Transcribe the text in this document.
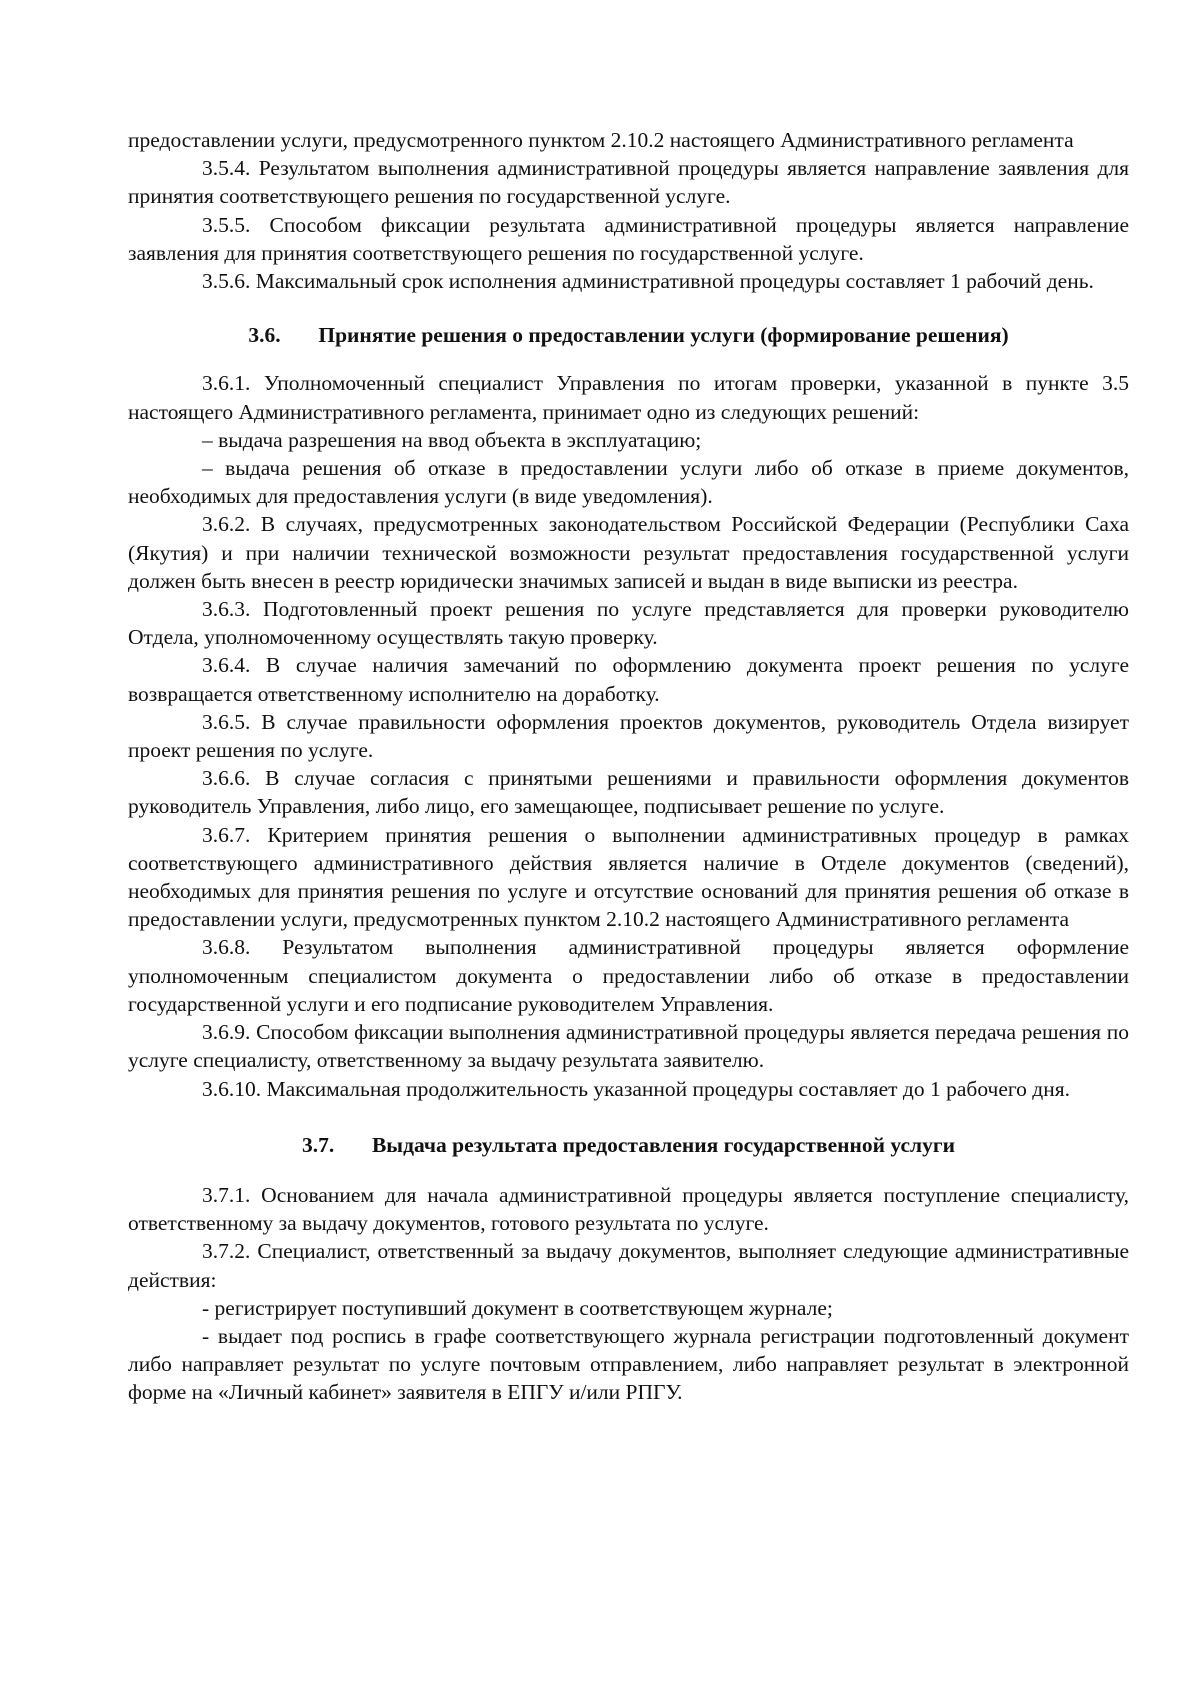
предоставлении услуги, предусмотренного пунктом 2.10.2 настоящего Административного регламента

3.5.4. Результатом выполнения административной процедуры является направление заявления для принятия соответствующего решения по государственной услуге.

3.5.5. Способом фиксации результата административной процедуры является направление заявления для принятия соответствующего решения по государственной услуге.

3.5.6. Максимальный срок исполнения административной процедуры составляет 1 рабочий день.

3.6. Принятие решения о предоставлении услуги (формирование решения)

3.6.1. Уполномоченный специалист Управления по итогам проверки, указанной в пункте 3.5 настоящего Административного регламента, принимает одно из следующих решений:

– выдача разрешения на ввод объекта в эксплуатацию;

– выдача решения об отказе в предоставлении услуги либо об отказе в приеме документов, необходимых для предоставления услуги (в виде уведомления).

3.6.2. В случаях, предусмотренных законодательством Российской Федерации (Республики Саха (Якутия) и при наличии технической возможности результат предоставления государственной услуги должен быть внесен в реестр юридически значимых записей и выдан в виде выписки из реестра.

3.6.3. Подготовленный проект решения по услуге представляется для проверки руководителю Отдела, уполномоченному осуществлять такую проверку.

3.6.4. В случае наличия замечаний по оформлению документа проект решения по услуге возвращается ответственному исполнителю на доработку.

3.6.5. В случае правильности оформления проектов документов, руководитель Отдела визирует проект решения по услуге.

3.6.6. В случае согласия с принятыми решениями и правильности оформления документов руководитель Управления, либо лицо, его замещающее, подписывает решение по услуге.

3.6.7. Критерием принятия решения о выполнении административных процедур в рамках соответствующего административного действия является наличие в Отделе документов (сведений), необходимых для принятия решения по услуге и отсутствие оснований для принятия решения об отказе в предоставлении услуги, предусмотренных пунктом 2.10.2 настоящего Административного регламента

3.6.8. Результатом выполнения административной процедуры является оформление уполномоченным специалистом документа о предоставлении либо об отказе в предоставлении государственной услуги и его подписание руководителем Управления.

3.6.9. Способом фиксации выполнения административной процедуры является передача решения по услуге специалисту, ответственному за выдачу результата заявителю.

3.6.10. Максимальная продолжительность указанной процедуры составляет до 1 рабочего дня.

3.7. Выдача результата предоставления государственной услуги

3.7.1. Основанием для начала административной процедуры является поступление специалисту, ответственному за выдачу документов, готового результата по услуге.

3.7.2. Специалист, ответственный за выдачу документов, выполняет следующие административные действия:

- регистрирует поступивший документ в соответствующем журнале;

- выдает под роспись в графе соответствующего журнала регистрации подготовленный документ либо направляет результат по услуге почтовым отправлением, либо направляет результат в электронной форме на «Личный кабинет» заявителя в ЕПГУ и/или РПГУ.
